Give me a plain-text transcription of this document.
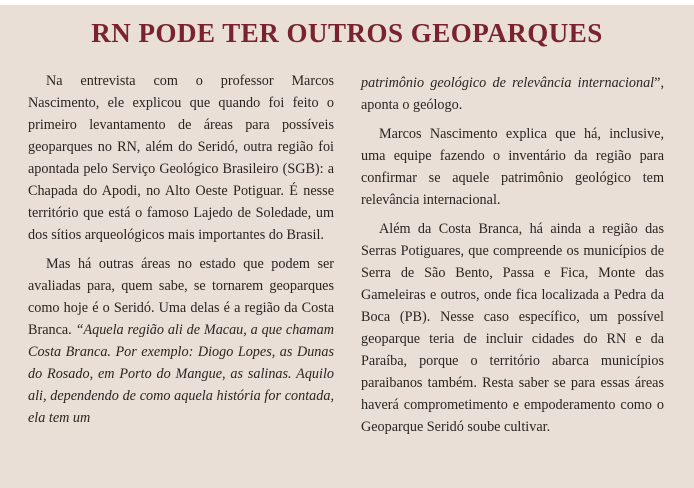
RN PODE TER OUTROS GEOPARQUES

Na entrevista com o professor Marcos Nascimento, ele explicou que quando foi feito o primeiro levantamento de áreas para possíveis geoparques no RN, além do Seridó, outra região foi apontada pelo Serviço Geológico Brasileiro (SGB): a Chapada do Apodi, no Alto Oeste Potiguar. É nesse território que está o famoso Lajedo de Soledade, um dos sítios arqueológicos mais importantes do Brasil.

Mas há outras áreas no estado que podem ser avaliadas para, quem sabe, se tornarem geoparques como hoje é o Seridó. Uma delas é a região da Costa Branca. “Aquela região ali de Macau, a que chamam Costa Branca. Por exemplo: Diogo Lopes, as Dunas do Rosado, em Porto do Mangue, as salinas. Aquilo ali, dependendo de como aquela história for contada, ela tem um

patrimônio geológico de relevância internacional”, aponta o geólogo.

Marcos Nascimento explica que há, inclusive, uma equipe fazendo o inventário da região para confirmar se aquele patrimônio geológico tem relevância internacional.

Além da Costa Branca, há ainda a região das Serras Potiguares, que compreende os municípios de Serra de São Bento, Passa e Fica, Monte das Gameleiras e outros, onde fica localizada a Pedra da Boca (PB). Nesse caso específico, um possível geoparque teria de incluir cidades do RN e da Paraíba, porque o território abarca municípios paraibanos também. Resta saber se para essas áreas haverá comprometimento e empoderamento como o Geoparque Seridó soube cultivar.
